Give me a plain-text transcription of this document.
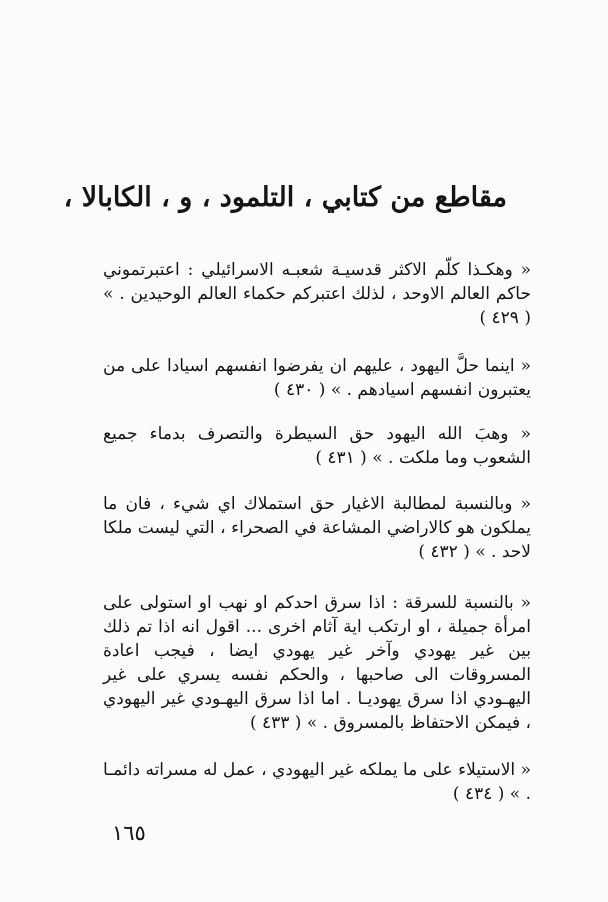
مقاطع من كتابي ، التلمود ، و ، الكابالا ،
« وهكـذا كلّم الاكثر قدسيـة شعبـه الاسرائيلي : اعتبرتموني حاكم العالم الاوحد ، لذلك اعتبركم حكماء العالم الوحيدين . » ( ٤٢٩ )
« اينما حلَّ اليهود ، عليهم ان يفرضوا انفسهم اسيادا على من يعتبرون انفسهم اسيادهم . » ( ٤٣٠ )
« وهبَ الله اليهود حق السيطرة والتصرف بدماء جميع الشعوب وما ملكت . » ( ٤٣١ )
« وبالنسبة لمطالبة الاغيار حق استملاك اي شيء ، فان ما يملكون هو كالاراضي المشاعة في الصحراء ، التي ليست ملكا لاحد . » ( ٤٣٢ )
« بالنسبة للسرقة : اذا سرق احدكم او نهب او استولى على امرأة جميلة ، او ارتكب اية آثام اخرى ... اقول انه اذا تم ذلك بين غير يهودي وآخر غير يهودي ايضا ، فيجب اعادة المسروقات الى صاحبها ، والحكم نفسه يسري على غير اليهـودي اذا سرق يهوديـا . اما اذا سرق اليهـودي غير اليهودي ، فيمكن الاحتفاظ بالمسروق . » ( ٤٣٣ )
« الاستيلاء على ما يملكه غير اليهودي ، عمل له مسراته دائمـا . » ( ٤٣٤ )
١٦٥
